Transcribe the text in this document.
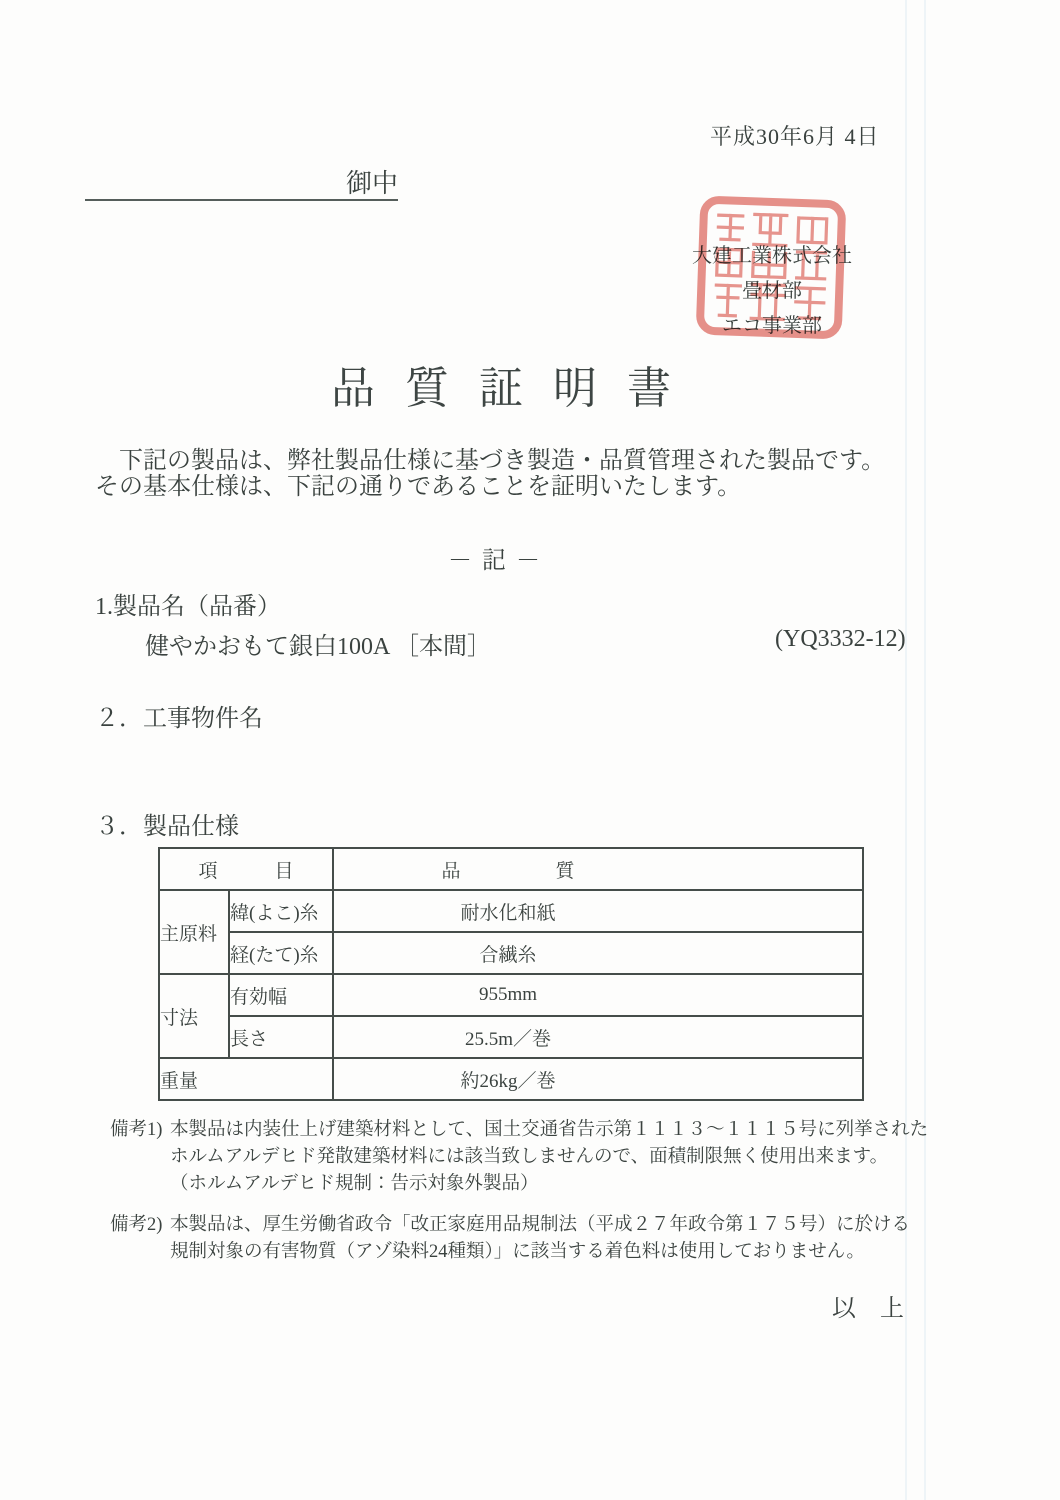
平成30年6月 4日
御中
大建工業株式会社
畳材部
エコ事業部
品質証明書
　下記の製品は、弊社製品仕様に基づき製造・品質管理された製品です。
その基本仕様は、下記の通りであることを証明いたします。
－ 記 －
1.製品名（品番）
健やかおもて銀白100A ［本間］	(YQ3332-12)
２．工事物件名
３．製品仕様
項　　　目		品　　　　　質

主原料	緯(よこ)糸	耐水化和紙

	経(たて)糸	合繊糸

寸法	有効幅	955mm

	長さ	25.5m／巻

重量		約26kg／巻
備考1) 本製品は内装仕上げ建築材料として、国土交通省告示第１１１３～１１１５号に列挙された
ホルムアルデヒド発散建築材料には該当致しませんので、面積制限無く使用出来ます。
（ホルムアルデヒド規制：告示対象外製品）
備考2) 本製品は、厚生労働省政令「改正家庭用品規制法（平成２７年政令第１７５号）に於ける
規制対象の有害物質（アゾ染料24種類）」に該当する着色料は使用しておりません。
以　上
